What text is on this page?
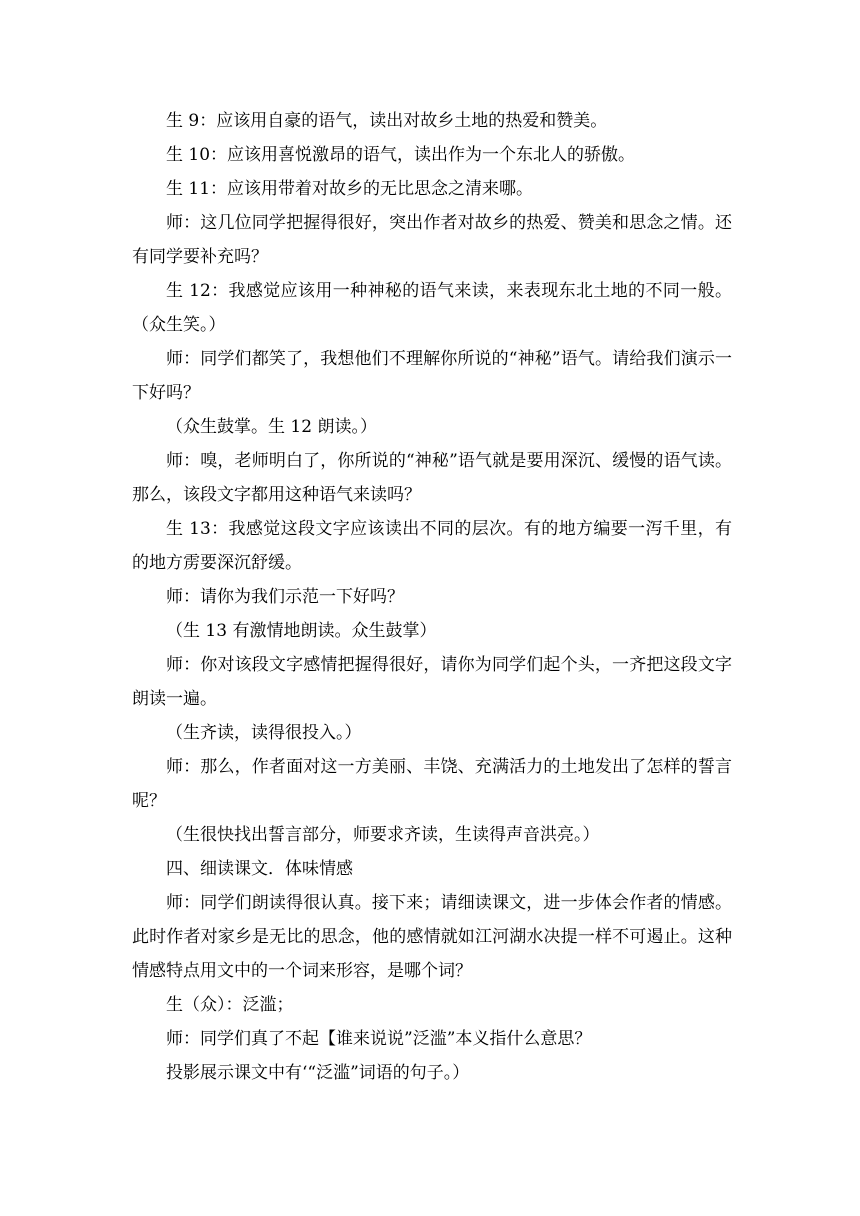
生 9：应该用自豪的语气，读出对故乡土地的热爱和赞美。

生 10：应该用喜悦激昂的语气，读出作为一个东北人的骄傲。

生 11：应该用带着对故乡的无比思念之清来哪。

师：这几位同学把握得很好，突出作者对故乡的热爱、赞美和思念之情。还有同学要补充吗？

生 12：我感觉应该用一种神秘的语气来读，来表现东北土地的不同一般。（众生笑。）

师：同学们都笑了，我想他们不理解你所说的“神秘”语气。请给我们演示一下好吗？

（众生鼓掌。生 12 朗读。）

师：嗅，老师明白了，你所说的“神秘”语气就是要用深沉、缓慢的语气读。那么，该段文字都用这种语气来读吗？

生 13：我感觉这段文字应该读出不同的层次。有的地方编要一泻千里，有的地方雳要深沉舒缓。

师：请你为我们示范一下好吗？

（生 13 有激情地朗读。众生鼓掌）

师：你对该段文字感情把握得很好，请你为同学们起个头，一齐把这段文字朗读一遍。

（生齐读，读得很投入。）

师：那么，作者面对这一方美丽、丰饶、充满活力的土地发出了怎样的誓言呢？

（生很快找出誓言部分，师要求齐读，生读得声音洪亮。）

四、细读课文．体味情感

师：同学们朗读得很认真。接下来；请细读课文，进一步体会作者的情感。此时作者对家乡是无比的思念，他的感情就如江河湖水决提一样不可遏止。这种情感特点用文中的一个词来形容，是哪个词？

生（众）：泛滥；

师：同学们真了不起【谁来说说”泛滥”本义指什么意思？

投影展示课文中有‘“泛滥”词语的句子。）
